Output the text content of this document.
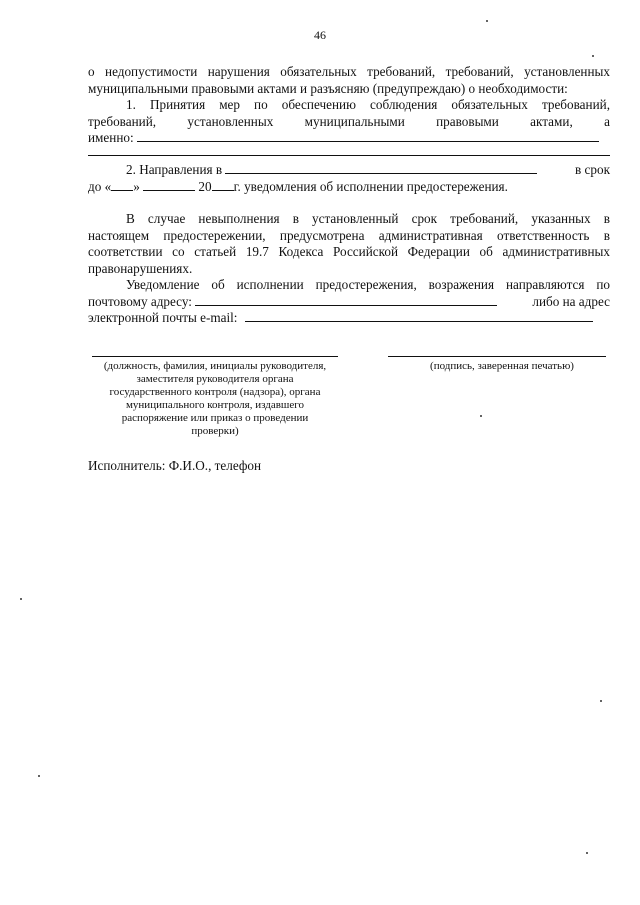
46
о недопустимости нарушения обязательных требований, требований, установленных
муниципальными правовыми актами и разъясняю (предупреждаю) о необходимости:
1. Принятия мер по обеспечению соблюдения обязательных требований,
требований, установленных муниципальными правовыми актами, а
именно:
2. Направления в	в срок
до « »	20 г. уведомления об исполнении предостережения.
В случае невыполнения в установленный срок требований, указанных в
настоящем предостережении, предусмотрена административная ответственность в
соответствии со статьей 19.7 Кодекса Российской Федерации об административных
правонарушениях.
Уведомление об исполнении предостережения, возражения направляются по
почтовому адресу:	либо на адрес
электронной почты e-mail:
(должность, фамилия, инициалы руководителя,
заместителя руководителя органа
государственного контроля (надзора), органа
муниципального контроля, издавшего
распоряжение или приказ о проведении
проверки)
(подпись, заверенная печатью)
Исполнитель: Ф.И.О., телефон
